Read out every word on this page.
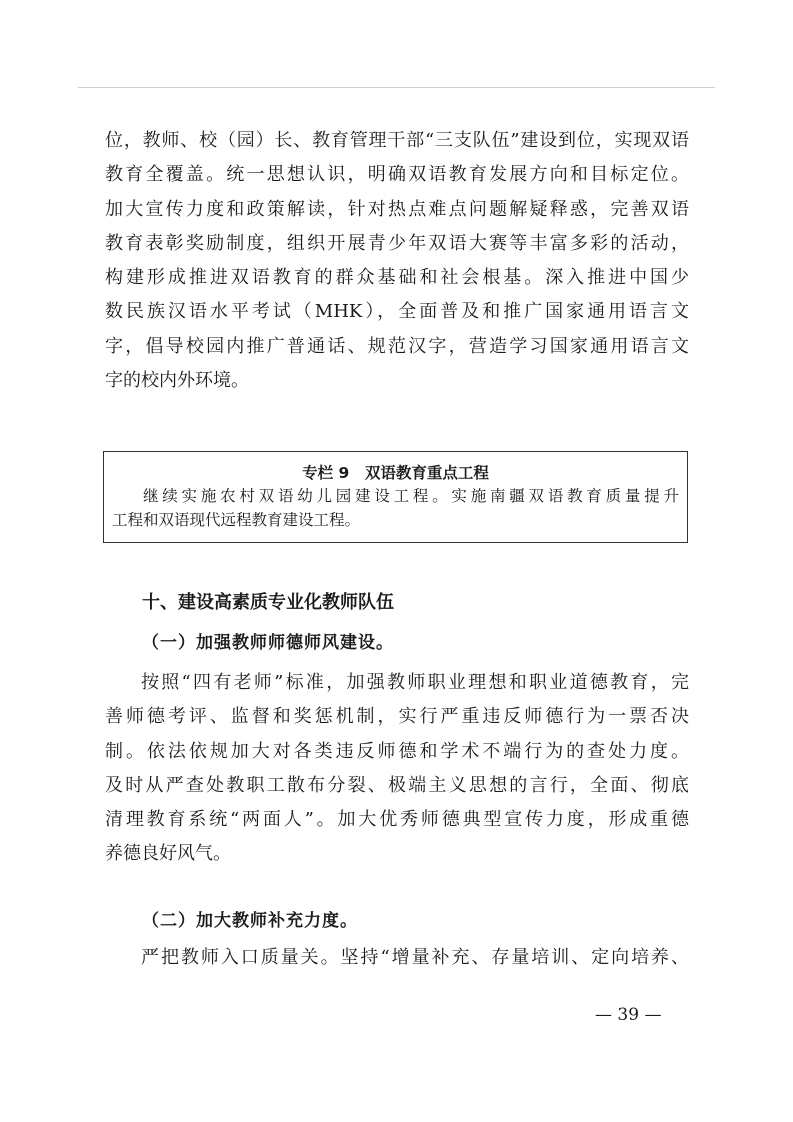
位，教师、校（园）长、教育管理干部“三支队伍”建设到位，实现双语
教育全覆盖。统一思想认识，明确双语教育发展方向和目标定位。
加大宣传力度和政策解读，针对热点难点问题解疑释惑，完善双语
教育表彰奖励制度，组织开展青少年双语大赛等丰富多彩的活动，
构建形成推进双语教育的群众基础和社会根基。深入推进中国少
数民族汉语水平考试（MHK），全面普及和推广国家通用语言文
字，倡导校园内推广普通话、规范汉字，营造学习国家通用语言文
字的校内外环境。

专栏 9　双语教育重点工程

继续实施农村双语幼儿园建设工程。实施南疆双语教育质量提升
工程和双语现代远程教育建设工程。

十、建设高素质专业化教师队伍
（一）加强教师师德师风建设。

按照“四有老师”标准，加强教师职业理想和职业道德教育，完
善师德考评、监督和奖惩机制，实行严重违反师德行为一票否决
制。依法依规加大对各类违反师德和学术不端行为的查处力度。
及时从严查处教职工散布分裂、极端主义思想的言行，全面、彻底
清理教育系统“两面人”。加大优秀师德典型宣传力度，形成重德
养德良好风气。

（二）加大教师补充力度。

严把教师入口质量关。坚持“增量补充、存量培训、定向培养、

— 39 —
